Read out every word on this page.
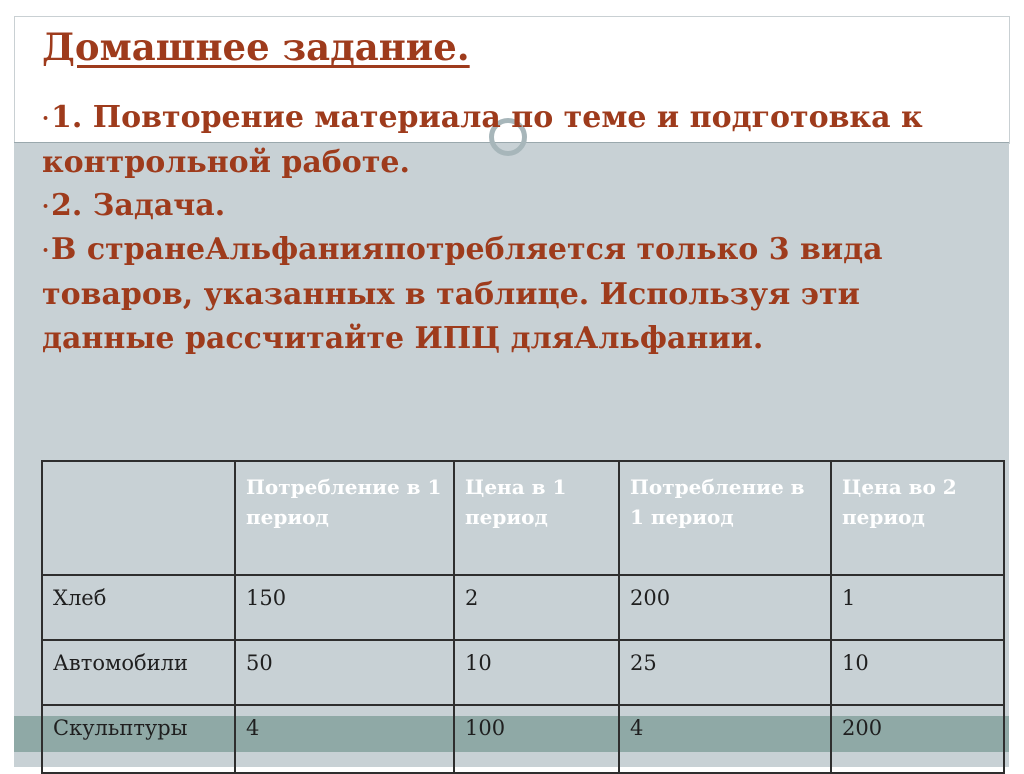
Домашнее задание.

•1. Повторение материала по теме и подготовка к контрольной работе.

•2. Задача.

•В странеАльфанияпотребляется только 3 вида товаров, указанных в таблице. Используя эти данные рассчитайте ИПЦ дляАльфании.

	Потребление в 1 период	Цена в 1 период	Потребление в 1 период	Цена во 2 период
Хлеб	150	2	200	1
Автомобили	50	10	25	10
Скульптуры	4	100	4	200
